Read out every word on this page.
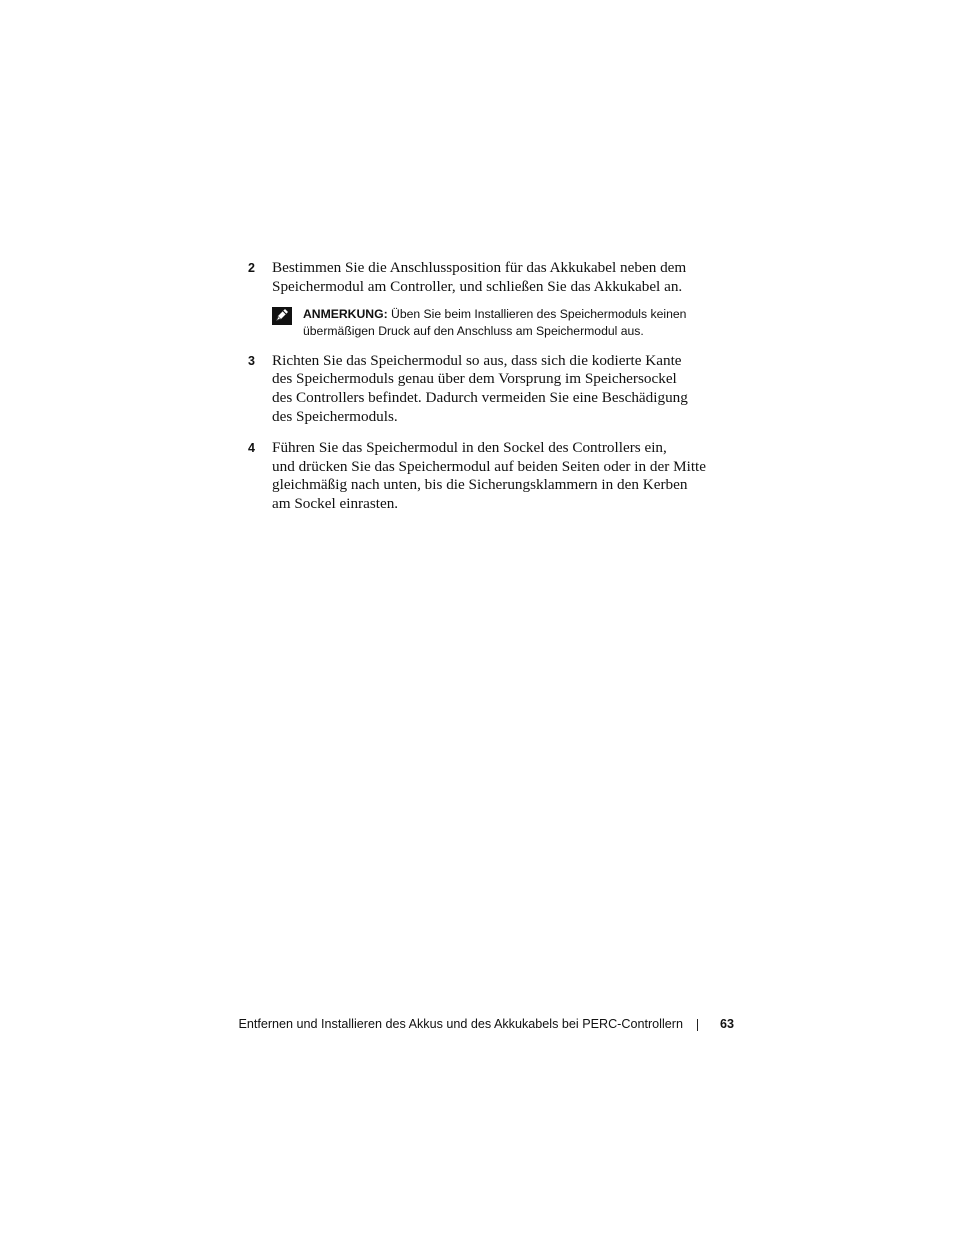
2 Bestimmen Sie die Anschlussposition für das Akkukabel neben dem
Speichermodul am Controller, und schließen Sie das Akkukabel an.
ANMERKUNG: Üben Sie beim Installieren des Speichermoduls keinen
übermäßigen Druck auf den Anschluss am Speichermodul aus.
3 Richten Sie das Speichermodul so aus, dass sich die kodierte Kante
des Speichermoduls genau über dem Vorsprung im Speichersockel
des Controllers befindet. Dadurch vermeiden Sie eine Beschädigung
des Speichermoduls.
4 Führen Sie das Speichermodul in den Sockel des Controllers ein,
und drücken Sie das Speichermodul auf beiden Seiten oder in der Mitte
gleichmäßig nach unten, bis die Sicherungsklammern in den Kerben
am Sockel einrasten.
Entfernen und Installieren des Akkus und des Akkukabels bei PERC-Controllern	63
